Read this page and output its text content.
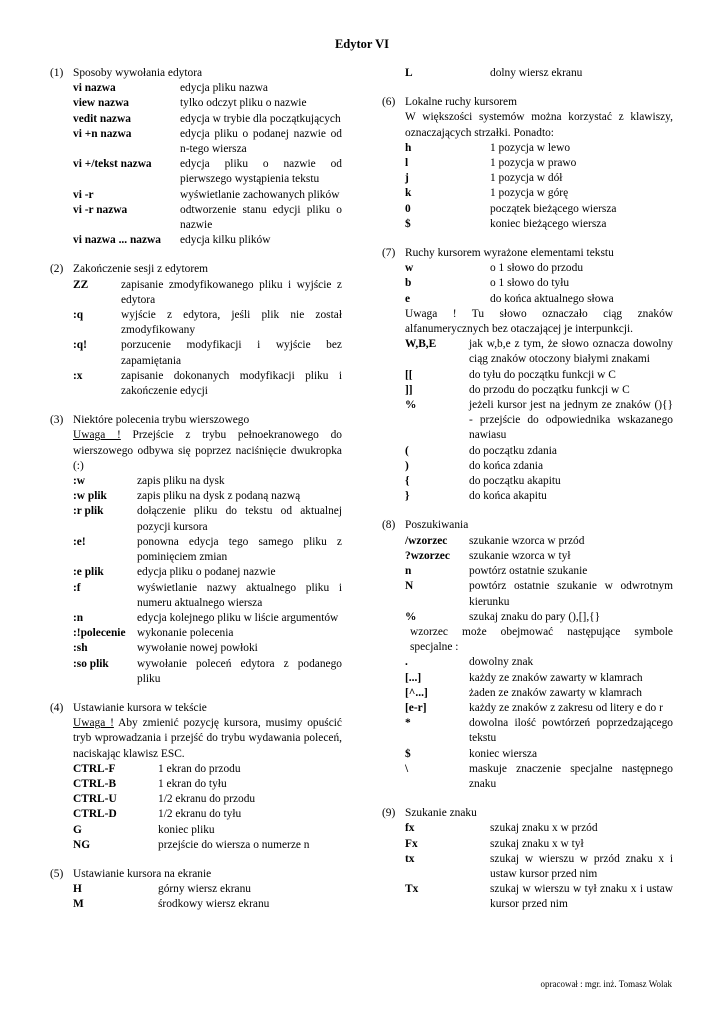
Edytor VI
(1) Sposoby wywołania edytora
vi nazwa	edycja pliku nazwa
view nazwa	tylko odczyt pliku o nazwie
vedit nazwa	edycja w trybie dla początkujących
vi +n nazwa	edycja pliku o podanej nazwie od n-tego wiersza
vi +/tekst nazwa	edycja pliku o nazwie od pierwszego wystąpienia tekstu
vi -r	wyświetlanie zachowanych plików
vi -r nazwa	odtworzenie stanu edycji pliku o nazwie
vi nazwa ... nazwa	edycja kilku plików
(2) Zakończenie sesji z edytorem
ZZ	zapisanie zmodyfikowanego pliku i wyjście z edytora
:q	wyjście z edytora, jeśli plik nie został zmodyfikowany
:q!	porzucenie modyfikacji i wyjście bez zapamiętania
:x	zapisanie dokonanych modyfikacji pliku i zakończenie edycji
(3) Niektóre polecenia trybu wierszowego
Uwaga ! Przejście z trybu pełnoekranowego do wierszowego odbywa się poprzez naciśnięcie dwukropka (:)
:w	zapis pliku na dysk
:w plik	zapis pliku na dysk z podaną nazwą
:r plik	dołączenie pliku do tekstu od aktualnej pozycji kursora
:e!	ponowna edycja tego samego pliku z pominięciem zmian
:e plik	edycja pliku o podanej nazwie
:f	wyświetlanie nazwy aktualnego pliku i numeru aktualnego wiersza
:n	edycja kolejnego pliku w liście argumentów
:!polecenie	wykonanie polecenia
:sh	wywołanie nowej powłoki
:so plik	wywołanie poleceń edytora z podanego pliku
(4) Ustawianie kursora w tekście
Uwaga ! Aby zmienić pozycję kursora, musimy opuścić tryb wprowadzania i przejść do trybu wydawania poleceń, naciskając klawisz ESC.
CTRL-F	1 ekran do przodu
CTRL-B	1 ekran do tyłu
CTRL-U	1/2 ekranu do przodu
CTRL-D	1/2 ekranu do tyłu
G	koniec pliku
NG	przejście do wiersza o numerze n
(5) Ustawianie kursora na ekranie
H	górny wiersz ekranu
M	środkowy wiersz ekranu
L	dolny wiersz ekranu
(6) Lokalne ruchy kursorem
W większości systemów można korzystać z klawiszy, oznaczających strzałki. Ponadto:
h	1 pozycja w lewo
l	1 pozycja w prawo
j	1 pozycja w dół
k	1 pozycja w górę
0	początek bieżącego wiersza
$	koniec bieżącego wiersza
(7) Ruchy kursorem wyrażone elementami tekstu
w	o 1 słowo do przodu
b	o 1 słowo do tyłu
e	do końca aktualnego słowa
Uwaga ! Tu słowo oznaczało ciąg znaków alfanumerycznych bez otaczającej je interpunkcji.
W,B,E	jak w,b,e z tym, że słowo oznacza dowolny ciąg znaków otoczony białymi znakami
[[	do tyłu do początku funkcji w C
]]	do przodu do początku funkcji w C
%	jeżeli kursor jest na jednym ze znaków (){} - przejście do odpowiednika wskazanego nawiasu
(	do początku zdania
)	do końca zdania
{	do początku akapitu
}	do końca akapitu
(8) Poszukiwania
/wzorzec	szukanie wzorca w przód
?wzorzec	szukanie wzorca w tył
n	powtórz ostatnie szukanie
N	powtórz ostatnie szukanie w odwrotnym kierunku
%	szukaj znaku do pary (),[],{}
wzorzec może obejmować następujące symbole specjalne :
.	dowolny znak
[...]	każdy ze znaków zawarty w klamrach
[^...]	żaden ze znaków zawarty w klamrach
[e-r]	każdy ze znaków z zakresu od litery e do r
*	dowolna ilość powtórzeń poprzedzającego tekstu
$	koniec wiersza
\	maskuje znaczenie specjalne następnego znaku
(9) Szukanie znaku
fx	szukaj znaku x w przód
Fx	szukaj znaku x w tył
tx	szukaj w wierszu w przód znaku x i ustaw kursor przed nim
Tx	szukaj w wierszu w tył znaku x i ustaw kursor przed nim
opracował : mgr. inż. Tomasz Wolak
